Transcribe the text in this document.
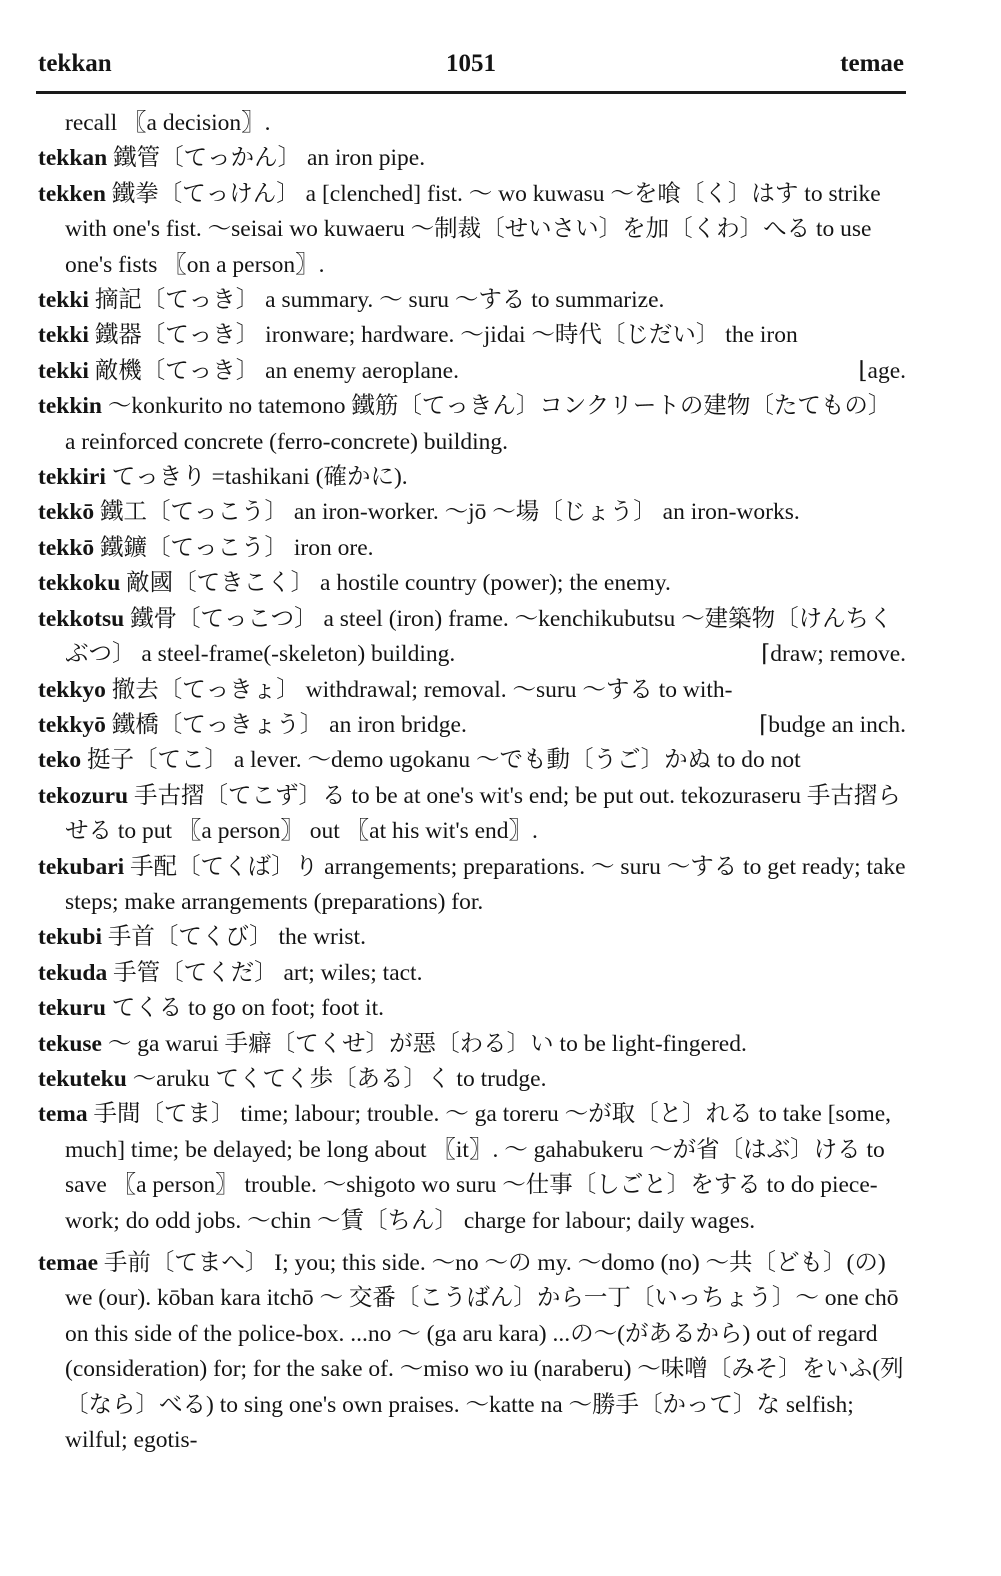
tekkan	1051	temae
recall 〖a decision〗.
tekkan 鐵管〔てっかん〕 an iron pipe.
tekken 鐵拳〔てっけん〕 a [clenched] fist. ～ wo kuwasu ～を喰〔く〕はす to strike with one's fist. ～seisai wo kuwaeru ～制裁〔せいさい〕を加〔くわ〕へる to use one's fists 〖on a person〗.
tekki 摘記〔てっき〕 a summary. ～ suru ～する to summarize.
tekki 鐵器〔てっき〕 ironware; hardware. ～jidai ～時代〔じだい〕 the iron
tekki 敵機〔てっき〕 an enemy aeroplane.	⌊age.
tekkin ～konkurito no tatemono 鐵筋〔てっきん〕コンクリートの建物〔たてもの〕 a reinforced concrete (ferro-concrete) building.
tekkiri てっきり =tashikani (確かに).
tekkō 鐵工〔てっこう〕 an iron-worker. ～jō ～場〔じょう〕 an iron-works.
tekkō 鐵鑛〔てっこう〕 iron ore.
tekkoku 敵國〔てきこく〕 a hostile country (power); the enemy.
tekkotsu 鐵骨〔てっこつ〕 a steel (iron) frame. ～kenchikubutsu ～建築物〔けんちくぶつ〕 a steel-frame(-skeleton) building.	⌈draw; remove.
tekkyo 撤去〔てっきょ〕 withdrawal; removal. ～suru ～する to with-
tekkyō 鐵橋〔てっきょう〕 an iron bridge.	⌈budge an inch.
teko 挺子〔てこ〕 a lever. ～demo ugokanu ～でも動〔うご〕かぬ to do not
tekozuru 手古摺〔てこず〕る to be at one's wit's end; be put out. tekozuraseru 手古摺らせる to put 〖a person〗 out 〖at his wit's end〗.
tekubari 手配〔てくば〕り arrangements; preparations. ～ suru ～する to get ready; take steps; make arrangements (preparations) for.
tekubi 手首〔てくび〕 the wrist.
tekuda 手管〔てくだ〕 art; wiles; tact.
tekuru てくる to go on foot; foot it.
tekuse ～ ga warui 手癖〔てくせ〕が惡〔わる〕い to be light-fingered.
tekuteku ～aruku てくてく歩〔ある〕く to trudge.
tema 手間〔てま〕 time; labour; trouble. ～ ga toreru ～が取〔と〕れる to take [some, much] time; be delayed; be long about 〖it〗. ～ gahabukeru ～が省〔はぶ〕ける to save 〖a person〗 trouble. ～shigoto wo suru ～仕事〔しごと〕をする to do piece-work; do odd jobs. ～chin ～賃〔ちん〕 charge for labour; daily wages.
temae 手前〔てまへ〕 I; you; this side. ～no ～の my. ～domo (no) ～共〔ども〕(の) we (our). kōban kara itchō ～ 交番〔こうばん〕から一丁〔いっちょう〕～ one chō on this side of the police-box. ...no ～ (ga aru kara) ...の～(があるから) out of regard (consideration) for; for the sake of. ～miso wo iu (naraberu) ～味噌〔みそ〕をいふ(列〔なら〕べる) to sing one's own praises. ～katte na ～勝手〔かって〕な selfish; wilful; egotis-
